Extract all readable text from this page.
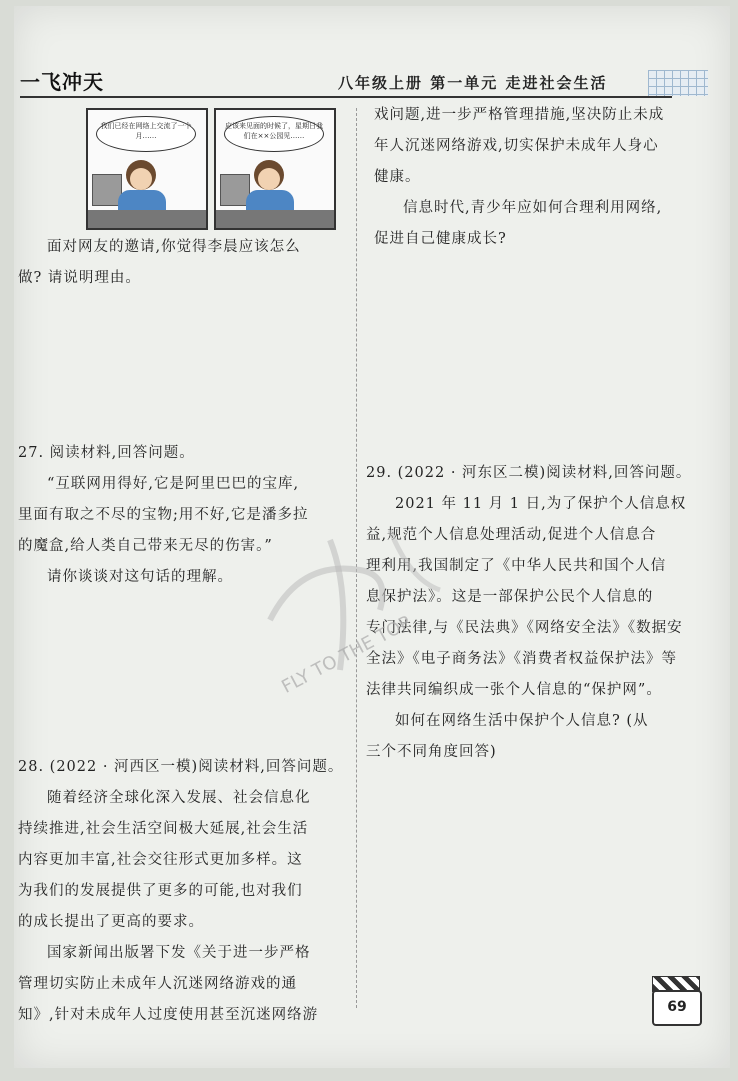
一飞冲天	八年级上册 第一单元 走进社会生活
我们已经在网络上交流了一个月……
应该来见面的时候了，星期日我们在××公园见……

面对网友的邀请,你觉得李晨应该怎么

做? 请说明理由。

27. 阅读材料,回答问题。

“互联网用得好,它是阿里巴巴的宝库,

里面有取之不尽的宝物;用不好,它是潘多拉

的魔盒,给人类自己带来无尽的伤害。”

请你谈谈对这句话的理解。

28. (2022 · 河西区一模)阅读材料,回答问题。

随着经济全球化深入发展、社会信息化

持续推进,社会生活空间极大延展,社会生活

内容更加丰富,社会交往形式更加多样。这

为我们的发展提供了更多的可能,也对我们

的成长提出了更高的要求。

国家新闻出版署下发《关于进一步严格

管理切实防止未成年人沉迷网络游戏的通

知》,针对未成年人过度使用甚至沉迷网络游

戏问题,进一步严格管理措施,坚决防止未成

年人沉迷网络游戏,切实保护未成年人身心

健康。

信息时代,青少年应如何合理利用网络,

促进自己健康成长?

29. (2022 · 河东区二模)阅读材料,回答问题。

2021 年 11 月 1 日,为了保护个人信息权

益,规范个人信息处理活动,促进个人信息合

理利用,我国制定了《中华人民共和国个人信

息保护法》。这是一部保护公民个人信息的

专门法律,与《民法典》《网络安全法》《数据安

全法》《电子商务法》《消费者权益保护法》等

法律共同编织成一张个人信息的“保护网”。

如何在网络生活中保护个人信息? (从

三个不同角度回答)

FLY TO THE TOP
69
